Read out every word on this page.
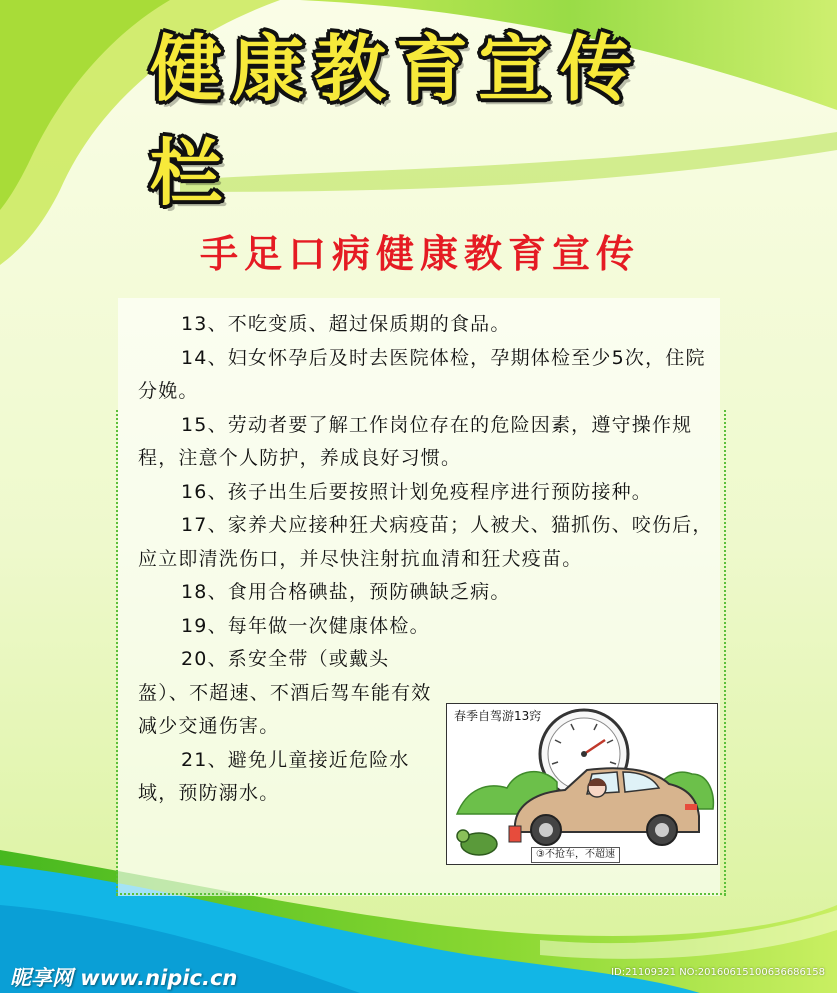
手足口病健康教育宣传

13、不吃变质、超过保质期的食品。

14、妇女怀孕后及时去医院体检，孕期体检至少5次，住院分娩。

15、劳动者要了解工作岗位存在的危险因素，遵守操作规程，注意个人防护，养成良好习惯。

16、孩子出生后要按照计划免疫程序进行预防接种。

17、家养犬应接种狂犬病疫苗；人被犬、猫抓伤、咬伤后，应立即清洗伤口，并尽快注射抗血清和狂犬疫苗。

18、食用合格碘盐，预防碘缺乏病。

19、每年做一次健康体检。

20、系安全带（或戴头盔）、不超速、不酒后驾车能有效减少交通伤害。

21、避免儿童接近危险水域，预防溺水。

春季自驾游13窍
③不抢车，不超速
昵享网 www.nipic.cn	ID:21109321 NO:20160615100636686158
